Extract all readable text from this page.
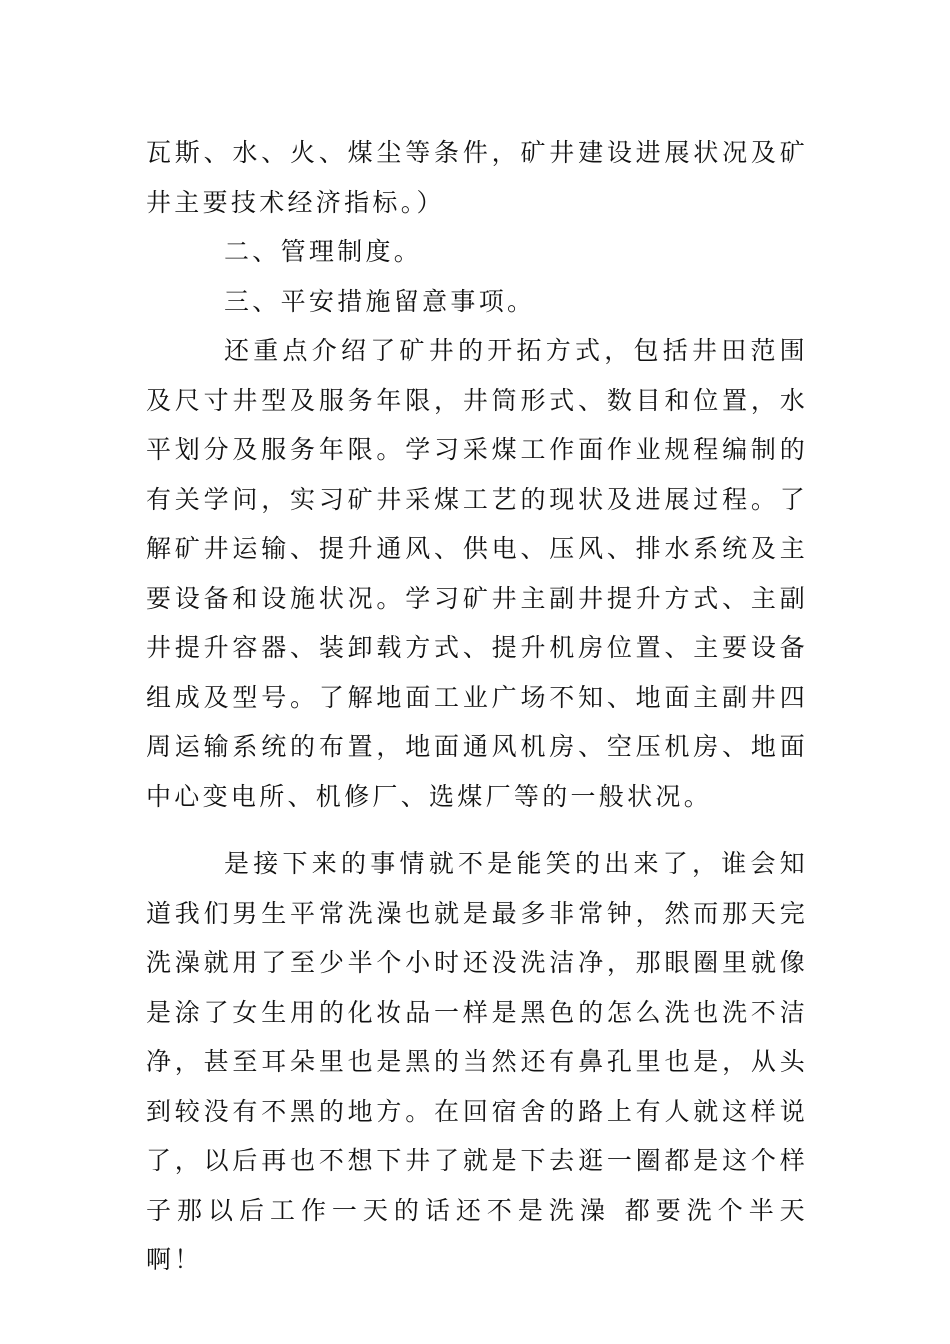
瓦斯、水、火、煤尘等条件，矿井建设进展状况及矿井主要技术经济指标。）

二、管理制度。

三、平安措施留意事项。

还重点介绍了矿井的开拓方式，包括井田范围及尺寸井型及服务年限，井筒形式、数目和位置，水平划分及服务年限。学习采煤工作面作业规程编制的有关学问，实习矿井采煤工艺的现状及进展过程。了解矿井运输、提升通风、供电、压风、排水系统及主要设备和设施状况。学习矿井主副井提升方式、主副井提升容器、装卸载方式、提升机房位置、主要设备组成及型号。了解地面工业广场不知、地面主副井四周运输系统的布置，地面通风机房、空压机房、地面中心变电所、机修厂、选煤厂等的一般状况。

是接下来的事情就不是能笑的出来了，谁会知道我们男生平常洗澡也就是最多非常钟，然而那天完洗澡就用了至少半个小时还没洗洁净，那眼圈里就像是涂了女生用的化妆品一样是黑色的怎么洗也洗不洁净，甚至耳朵里也是黑的当然还有鼻孔里也是，从头到较没有不黑的地方。在回宿舍的路上有人就这样说了，以后再也不想下井了就是下去逛一圈都是这个样子那以后工作一天的话还不是洗澡 都要洗个半天啊！
